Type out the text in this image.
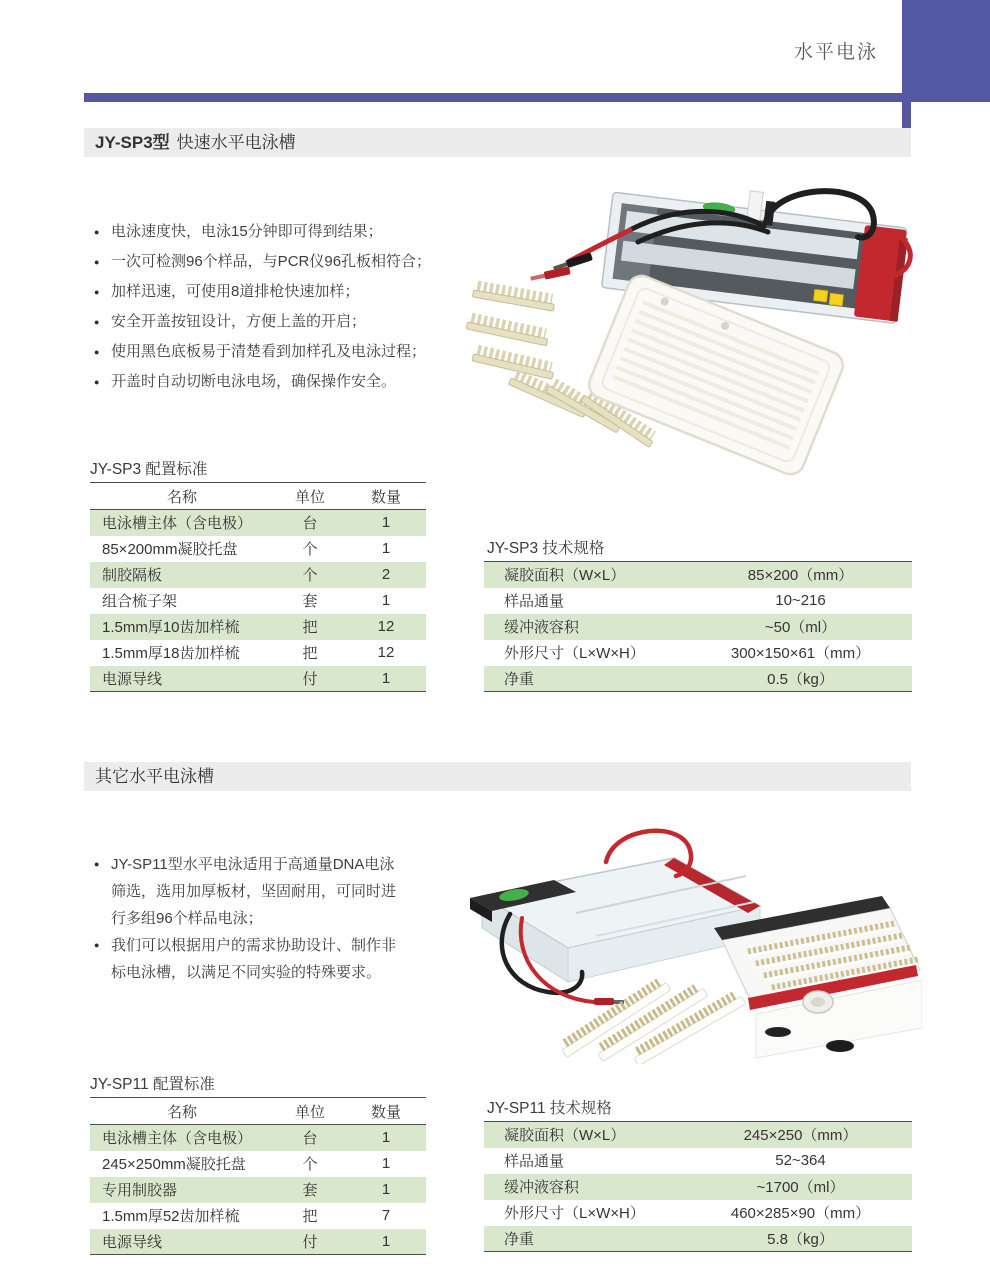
水平电泳
JY-SP3型 快速水平电泳槽
● 电泳速度快，电泳15分钟即可得到结果；
● 一次可检测96个样品，与PCR仪96孔板相符合；
● 加样迅速，可使用8道排枪快速加样；
● 安全开盖按钮设计，方便上盖的开启；
● 使用黑色底板易于清楚看到加样孔及电泳过程；
● 开盖时自动切断电泳电场，确保操作安全。
JY-SP3 配置标准
名称	单位	数量
电泳槽主体（含电极）	台	1
85×200mm凝胶托盘	个	1
制胶隔板	个	2
组合梳子架	套	1
1.5mm厚10齿加样梳	把	12
1.5mm厚18齿加样梳	把	12
电源导线	付	1
JY-SP3 技术规格
凝胶面积（W×L）	85×200（mm）
样品通量	10~216
缓冲液容积	~50（ml）
外形尺寸（L×W×H）	300×150×61（mm）
净重	0.5（kg）
其它水平电泳槽
● JY-SP11型水平电泳适用于高通量DNA电泳
筛选，选用加厚板材，坚固耐用，可同时进
行多组96个样品电泳；
● 我们可以根据用户的需求协助设计、制作非
标电泳槽，以满足不同实验的特殊要求。
JY-SP11 配置标准
名称	单位	数量
电泳槽主体（含电极）	台	1
245×250mm凝胶托盘	个	1
专用制胶器	套	1
1.5mm厚52齿加样梳	把	7
电源导线	付	1
JY-SP11 技术规格
凝胶面积（W×L）	245×250（mm）
样品通量	52~364
缓冲液容积	~1700（ml）
外形尺寸（L×W×H）	460×285×90（mm）
净重	5.8（kg）
